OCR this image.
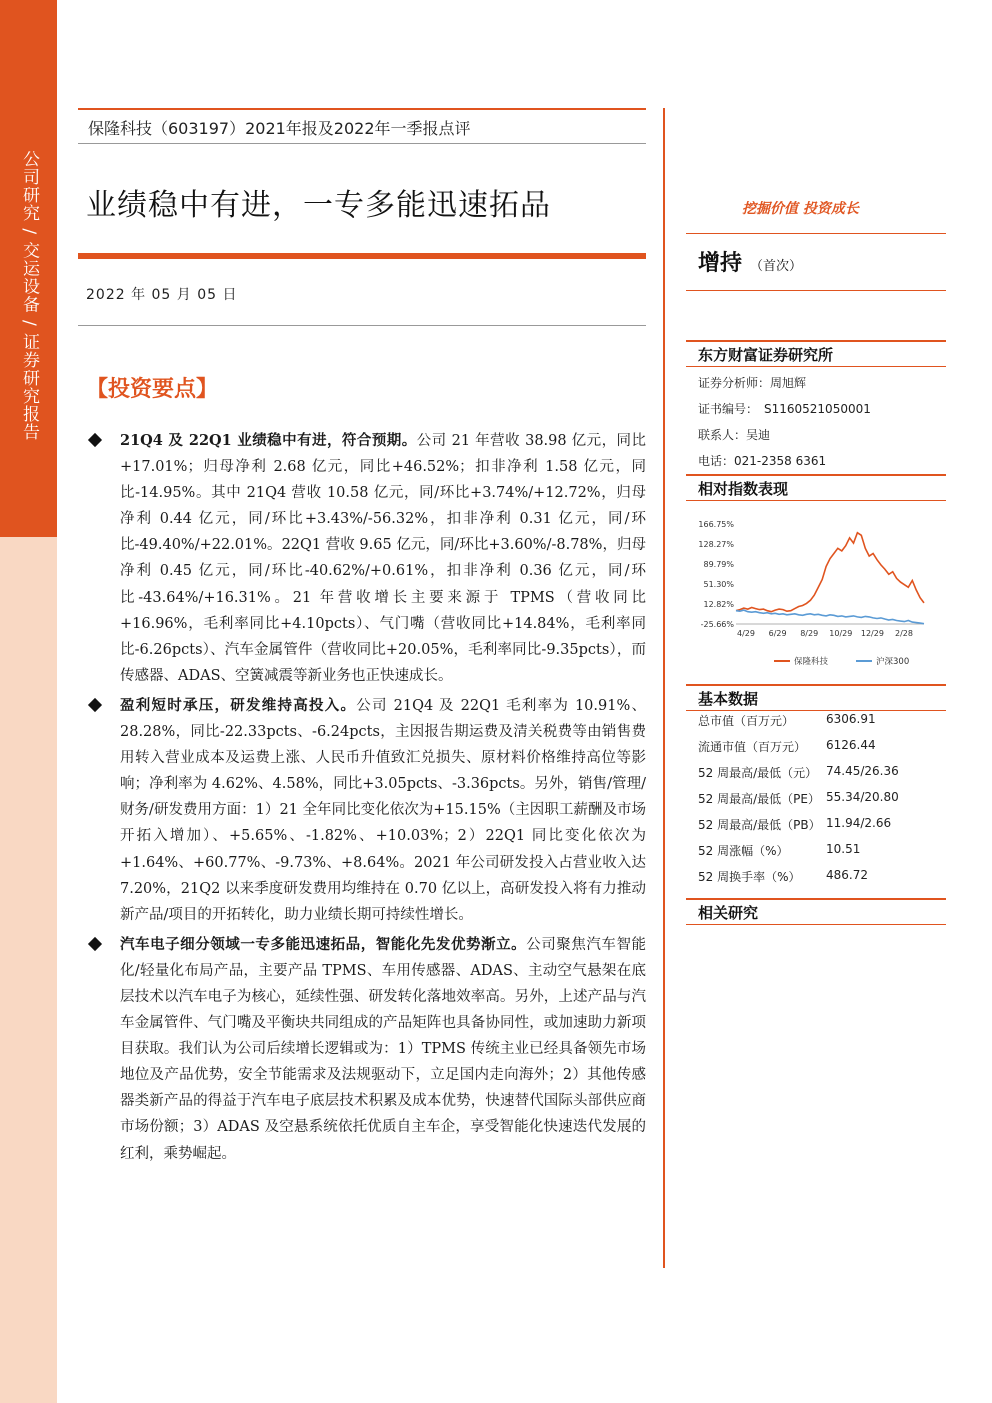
公司研究 / 交运设备 / 证券研究报告
保隆科技（603197）2021年报及2022年一季报点评
业绩稳中有进，一专多能迅速拓品
2022 年 05 月 05 日
【投资要点】
21Q4 及 22Q1 业绩稳中有进，符合预期。公司 21 年营收 38.98 亿元，同比+17.01%；归母净利 2.68 亿元，同比+46.52%；扣非净利 1.58 亿元，同比-14.95%。其中 21Q4 营收 10.58 亿元，同/环比+3.74%/+12.72%，归母净利 0.44 亿元，同/环比+3.43%/-56.32%，扣非净利 0.31 亿元，同/环比-49.40%/+22.01%。22Q1 营收 9.65 亿元，同/环比+3.60%/-8.78%，归母净利 0.45 亿元，同/环比-40.62%/+0.61%，扣非净利 0.36 亿元，同/环比-43.64%/+16.31%。21 年营收增长主要来源于 TPMS（营收同比+16.96%，毛利率同比+4.10pcts）、气门嘴（营收同比+14.84%，毛利率同比-6.26pcts）、汽车金属管件（营收同比+20.05%，毛利率同比-9.35pcts），而传感器、ADAS、空簧减震等新业务也正快速成长。
盈利短时承压，研发维持高投入。公司 21Q4 及 22Q1 毛利率为 10.91%、28.28%，同比-22.33pcts、-6.24pcts，主因报告期运费及清关税费等由销售费用转入营业成本及运费上涨、人民币升值致汇兑损失、原材料价格维持高位等影响；净利率为 4.62%、4.58%，同比+3.05pcts、-3.36pcts。另外，销售/管理/财务/研发费用方面：1）21 全年同比变化依次为+15.15%（主因职工薪酬及市场开拓入增加）、+5.65%、-1.82%、+10.03%；2）22Q1 同比变化依次为+1.64%、+60.77%、-9.73%、+8.64%。2021 年公司研发投入占营业收入达 7.20%，21Q2 以来季度研发费用均维持在 0.70 亿以上，高研发投入将有力推动新产品/项目的开拓转化，助力业绩长期可持续性增长。
汽车电子细分领域一专多能迅速拓品，智能化先发优势渐立。公司聚焦汽车智能化/轻量化布局产品，主要产品 TPMS、车用传感器、ADAS、主动空气悬架在底层技术以汽车电子为核心，延续性强、研发转化落地效率高。另外，上述产品与汽车金属管件、气门嘴及平衡块共同组成的产品矩阵也具备协同性，或加速助力新项目获取。我们认为公司后续增长逻辑或为：1）TPMS 传统主业已经具备领先市场地位及产品优势，安全节能需求及法规驱动下，立足国内走向海外；2）其他传感器类新产品的得益于汽车电子底层技术积累及成本优势，快速替代国际头部供应商市场份额；3）ADAS 及空悬系统依托优质自主车企，享受智能化快速迭代发展的红利，乘势崛起。
挖掘价值 投资成长
增持 （首次）
东方财富证券研究所
证券分析师：周旭辉
证书编号：　S1160521050001
联系人：吴迪
电话：021-2358 6361
相对指数表现
166.75%
128.27%
89.79%
51.30%
12.82%
-25.66%
4/29 6/29 8/29 10/29 12/29 2/28
保隆科技	沪深300
基本数据
总市值（百万元）	6306.91
流通市值（百万元）	6126.44
52 周最高/最低（元） 74.45/26.36
52 周最高/最低（PE） 55.34/20.80
52 周最高/最低（PB） 11.94/2.66
52 周涨幅（%）	10.51
52 周换手率（%）	486.72
相关研究
